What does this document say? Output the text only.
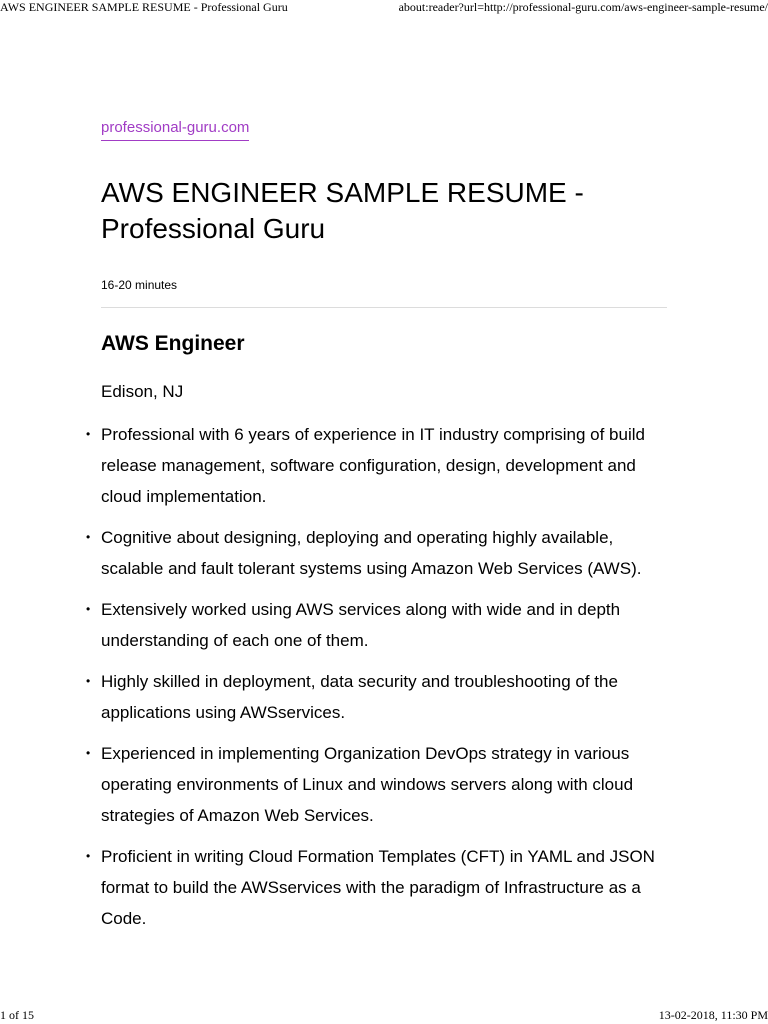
AWS ENGINEER SAMPLE RESUME - Professional Guru	about:reader?url=http://professional-guru.com/aws-engineer-sample-resume/
professional-guru.com
AWS ENGINEER SAMPLE RESUME - Professional Guru
16-20 minutes
AWS Engineer
Edison, NJ
• Professional with 6 years of experience in IT industry comprising of build release management, software configuration, design, development and cloud implementation.
• Cognitive about designing, deploying and operating highly available, scalable and fault tolerant systems using Amazon Web Services (AWS).
• Extensively worked using AWS services along with wide and in depth understanding of each one of them.
• Highly skilled in deployment, data security and troubleshooting of the applications using AWSservices.
• Experienced in implementing Organization DevOps strategy in various operating environments of Linux and windows servers along with cloud strategies of Amazon Web Services.
• Proficient in writing Cloud Formation Templates (CFT) in YAML and JSON format to build the AWSservices with the paradigm of Infrastructure as a Code.
1 of 15	13-02-2018, 11:30 PM
